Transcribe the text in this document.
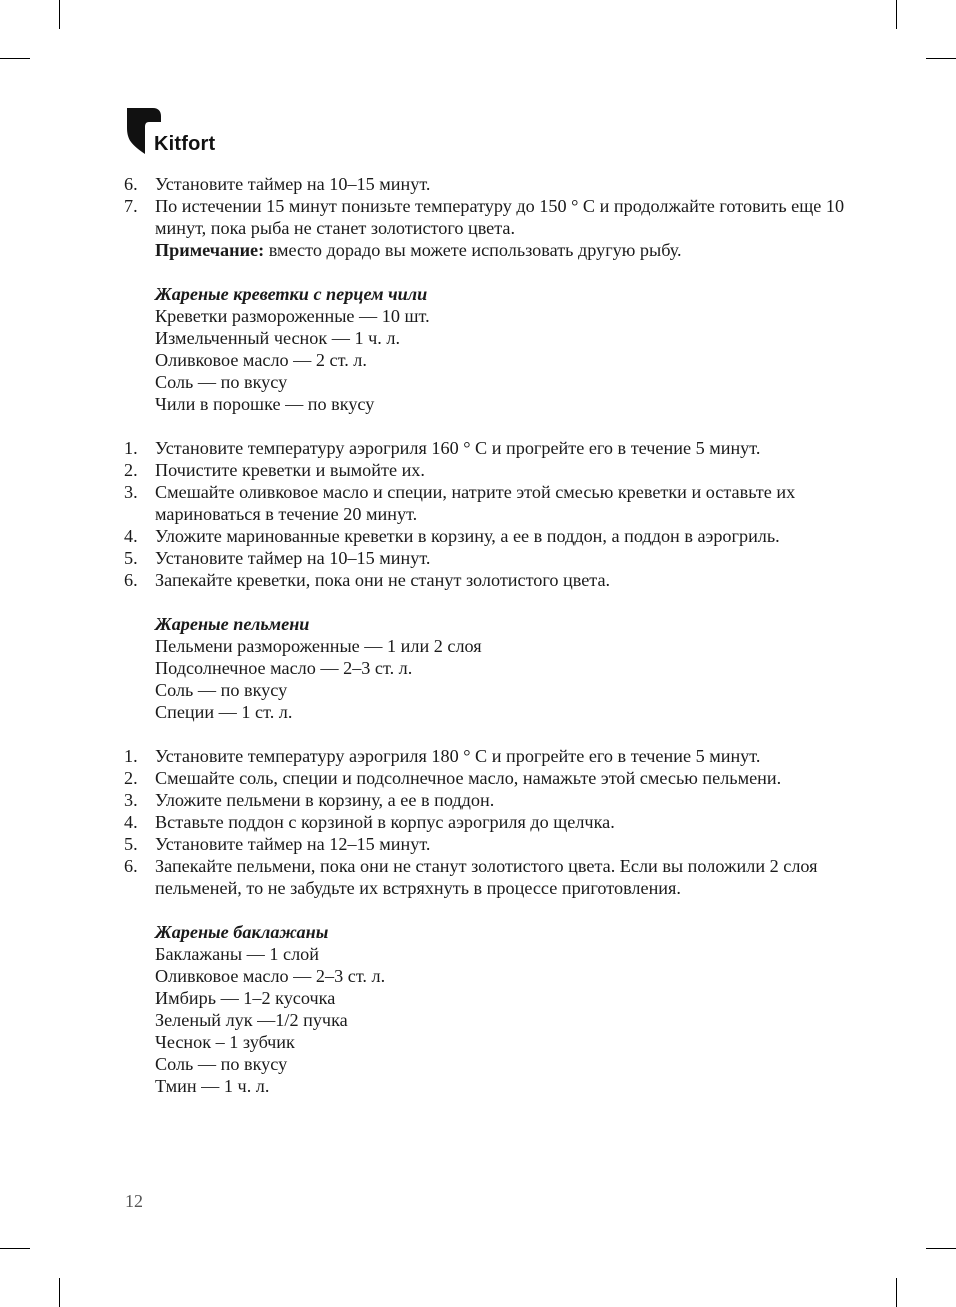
Kitfort
6. Установите таймер на 10–15 минут.
7. По истечении 15 минут понизьте температуру до 150 ° С и продолжайте готовить еще 10 минут, пока рыба не станет золотистого цвета.
Примечание: вместо дорадо вы можете использовать другую рыбу.
Жареные креветки с перцем чили
Креветки размороженные — 10 шт.
Измельченный чеснок — 1 ч. л.
Оливковое масло — 2 ст. л.
Соль — по вкусу
Чили в порошке — по вкусу
1. Установите температуру аэрогриля 160 ° С и прогрейте его в течение 5 минут.
2. Почистите креветки и вымойте их.
3. Смешайте оливковое масло и специи, натрите этой смесью креветки и оставьте их мариноваться в течение 20 минут.
4. Уложите маринованные креветки в корзину, а ее в поддон, а поддон в аэрогриль.
5. Установите таймер на 10–15 минут.
6. Запекайте креветки, пока они не станут золотистого цвета.
Жареные пельмени
Пельмени размороженные — 1 или 2 слоя
Подсолнечное масло — 2–3 ст. л.
Соль — по вкусу
Специи — 1 ст. л.
1. Установите температуру аэрогриля 180 ° С и прогрейте его в течение 5 минут.
2. Смешайте соль, специи и подсолнечное масло, намажьте этой смесью пельмени.
3. Уложите пельмени в корзину, а ее в поддон.
4. Вставьте поддон с корзиной в корпус аэрогриля до щелчка.
5. Установите таймер на 12–15 минут.
6. Запекайте пельмени, пока они не станут золотистого цвета. Если вы положили 2 слоя пельменей, то не забудьте их встряхнуть в процессе приготовления.
Жареные баклажаны
Баклажаны — 1 слой
Оливковое масло — 2–3 ст. л.
Имбирь — 1–2 кусочка
Зеленый лук —1/2 пучка
Чеснок – 1 зубчик
Соль — по вкусу
Тмин — 1 ч. л.
12
